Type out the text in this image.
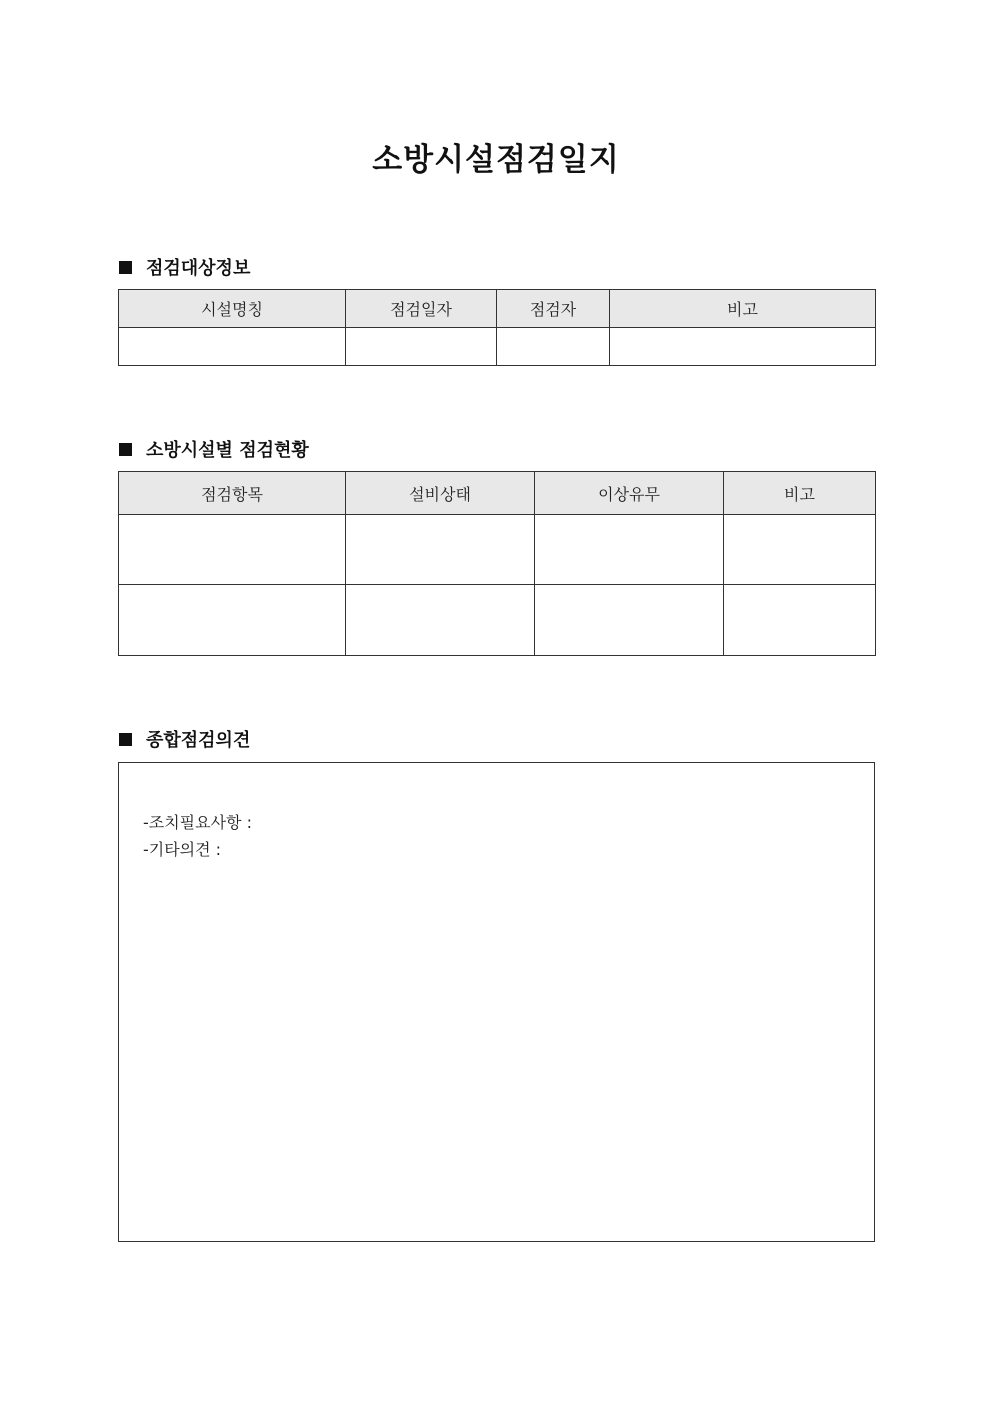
소방시설점검일지
점검대상정보
시설명칭	점검일자	점검자	비고

소방시설별 점검현황
점검항목	설비상태	이상유무	비고

종합점검의견
-조치필요사항 :
-기타의견 :
